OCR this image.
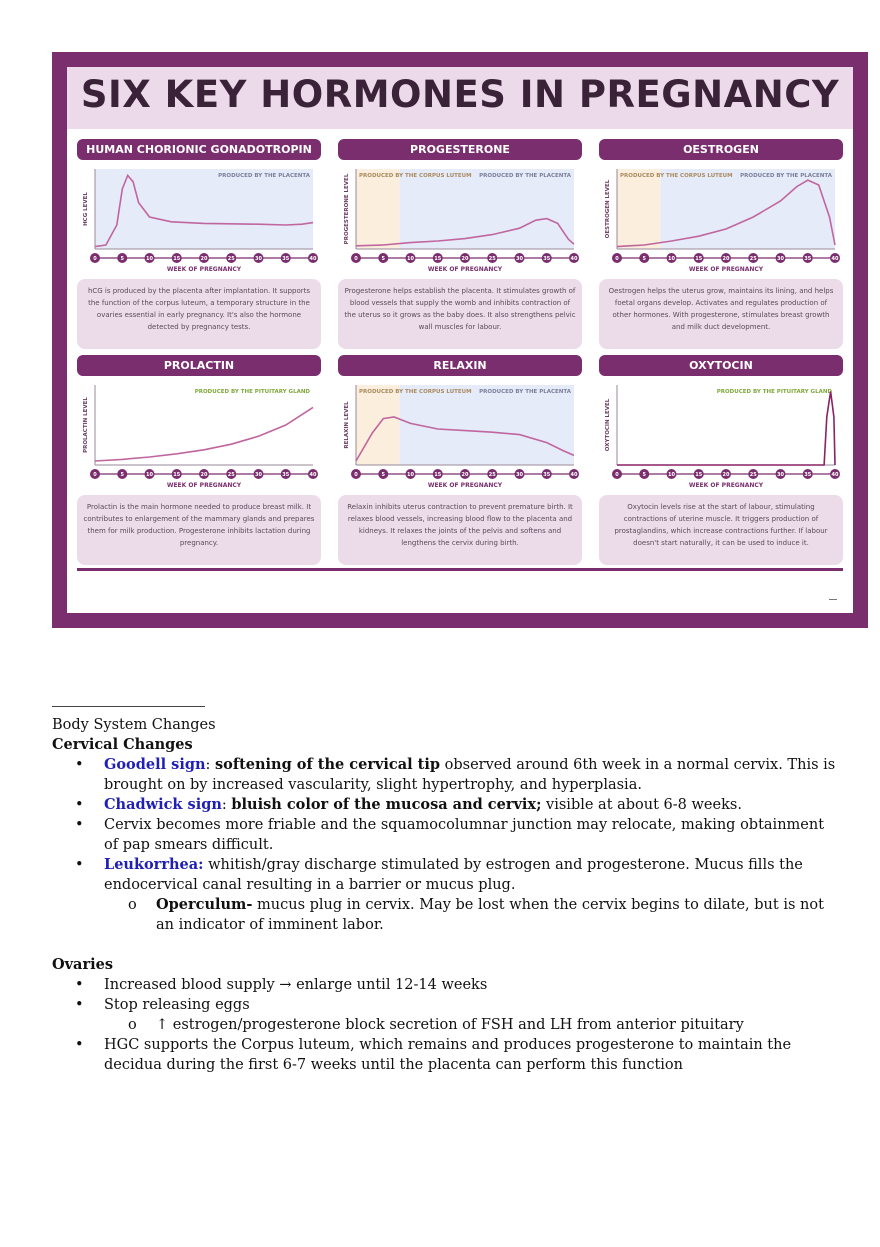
SIX KEY HORMONES IN PREGNANCY
HUMAN CHORIONIC GONADOTROPIN
PRODUCED BY THE PLACENTA
HCG LEVEL
0	5	10	15	20	25	30	35	40
WEEK OF PREGNANCY
hCG is produced by the placenta after implantation. It supports the function of the corpus luteum, a temporary structure in the ovaries essential in early pregnancy. It's also the hormone detected by pregnancy tests.
PROGESTERONE
PRODUCED BY THE CORPUS LUTEUM PRODUCED BY THE PLACENTA
PROGESTERONE LEVEL
0	5	10	15	20	25	30	35	40
WEEK OF PREGNANCY
Progesterone helps establish the placenta. It stimulates growth of blood vessels that supply the womb and inhibits contraction of the uterus so it grows as the baby does. It also strengthens pelvic wall muscles for labour.
OESTROGEN
PRODUCED BY THE CORPUS LUTEUM PRODUCED BY THE PLACENTA
OESTROGEN LEVEL
0	5	10	15	20	25	30	35	40
WEEK OF PREGNANCY
Oestrogen helps the uterus grow, maintains its lining, and helps foetal organs develop. Activates and regulates production of other hormones. With progesterone, stimulates breast growth and milk duct development.
PROLACTIN
PRODUCED BY THE PITUITARY GLAND
PROLACTIN LEVEL
0	5	10	15	20	25	30	35	40
WEEK OF PREGNANCY
Prolactin is the main hormone needed to produce breast milk. It contributes to enlargement of the mammary glands and prepares them for milk production. Progesterone inhibits lactation during pregnancy.
RELAXIN
PRODUCED BY THE CORPUS LUTEUM PRODUCED BY THE PLACENTA
RELAXIN LEVEL
0	5	10	15	20	25	30	35	40
WEEK OF PREGNANCY
Relaxin inhibits uterus contraction to prevent premature birth. It relaxes blood vessels, increasing blood flow to the placenta and kidneys. It relaxes the joints of the pelvis and softens and lengthens the cervix during birth.
OXYTOCIN
PRODUCED BY THE PITUITARY GLAND
OXYTOCIN LEVEL
0	5	10	15	20	25	30	35	40
WEEK OF PREGNANCY
Oxytocin levels rise at the start of labour, stimulating contractions of uterine muscle. It triggers production of prostaglandins, which increase contractions further. If labour doesn't start naturally, it can be used to induce it.

Body System Changes

Cervical Changes

• Goodell sign: softening of the cervical tip observed around 6th week in a normal cervix. This is brought on by increased vascularity, slight hypertrophy, and hyperplasia.
• Chadwick sign: bluish color of the mucosa and cervix; visible at about 6-8 weeks.
• Cervix becomes more friable and the squamocolumnar junction may relocate, making obtainment of pap smears difficult.
• Leukorrhea: whitish/gray discharge stimulated by estrogen and progesterone. Mucus fills the endocervical canal resulting in a barrier or mucus plug.
o Operculum- mucus plug in cervix. May be lost when the cervix begins to dilate, but is not an indicator of imminent labor.

Ovaries

• Increased blood supply → enlarge until 12-14 weeks
• Stop releasing eggs
o ↑ estrogen/progesterone block secretion of FSH and LH from anterior pituitary
• HGC supports the Corpus luteum, which remains and produces progesterone to maintain the decidua during the first 6-7 weeks until the placenta can perform this function
